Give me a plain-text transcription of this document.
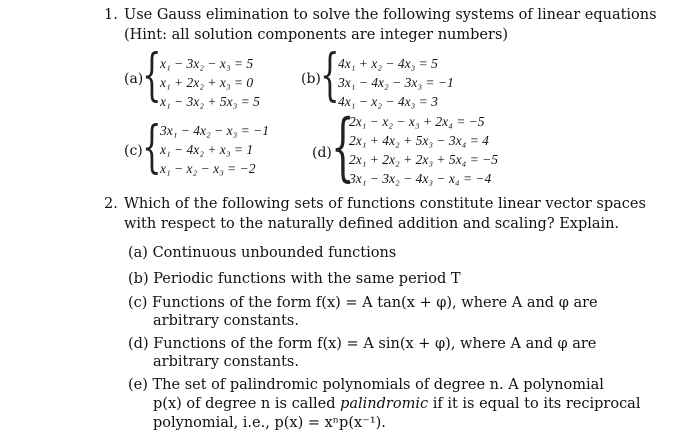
1. Use Gauss elimination to solve the following systems of linear equations
(Hint: all solution components are integer numbers)
(a)
{
x₁ − 3x₂ − x₃ = 5
x₁ + 2x₂ + x₃ = 0
x₁ − 3x₂ + 5x₃ = 5
(b) {
4x₁ + x₂ − 4x₃ = 5
3x₁ − 4x₂ − 3x₃ = −1
4x₁ − x₂ − 4x₃ = 3
(c) {
3x₁ − 4x₂ − x₃ = −1
x₁ − 4x₂ + x₃ = 1
x₁ − x₂ − x₃ = −2
(d) {
2x₁ − x₂ − x₃ + 2x₄ = −5
2x₁ + 4x₂ + 5x₃ − 3x₄ = 4
2x₁ + 2x₂ + 2x₃ + 5x₄ = −5
3x₁ − 3x₂ − 4x₃ − x₄ = −4
2. Which of the following sets of functions constitute linear vector spaces
with respect to the naturally defined addition and scaling? Explain.
(a) Continuous unbounded functions
(b) Periodic functions with the same period T
(c) Functions of the form f(x) = A tan(x + φ), where A and φ are
arbitrary constants.
(d) Functions of the form f(x) = A sin(x + φ), where A and φ are
arbitrary constants.
(e) The set of palindromic polynomials of degree n. A polynomial
p(x) of degree n is called palindromic if it is equal to its reciprocal
polynomial, i.e., p(x) = xⁿp(x⁻¹).
